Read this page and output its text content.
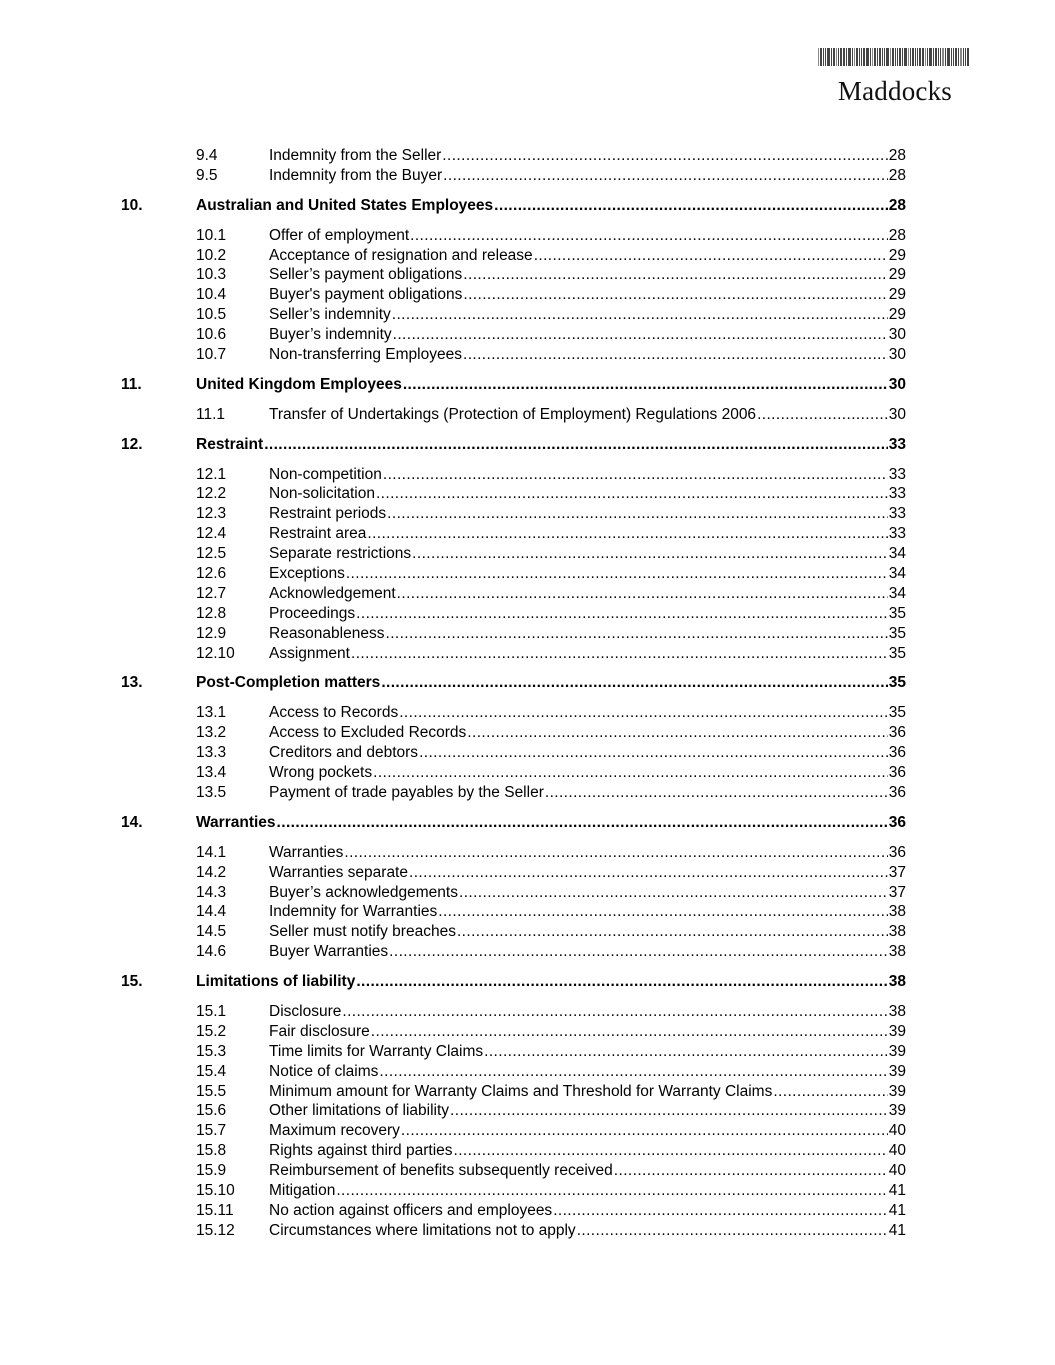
Maddocks
9.4	Indemnity from the Seller .....	28
9.5	Indemnity from the Buyer .....	28
10.	Australian and United States Employees .....	28
10.1	Offer of employment .....	28
10.2	Acceptance of resignation and release .....	29
10.3	Seller’s payment obligations .....	29
10.4	Buyer's payment obligations .....	29
10.5	Seller’s indemnity .....	29
10.6	Buyer’s indemnity .....	30
10.7	Non-transferring Employees .....	30
11.	United Kingdom Employees .....	30
11.1	Transfer of Undertakings (Protection of Employment) Regulations 2006 .....	30
12.	Restraint .....	33
12.1	Non-competition .....	33
12.2	Non-solicitation .....	33
12.3	Restraint periods .....	33
12.4	Restraint area .....	33
12.5	Separate restrictions .....	34
12.6	Exceptions .....	34
12.7	Acknowledgement .....	34
12.8	Proceedings .....	35
12.9	Reasonableness .....	35
12.10	Assignment .....	35
13.	Post-Completion matters .....	35
13.1	Access to Records .....	35
13.2	Access to Excluded Records .....	36
13.3	Creditors and debtors .....	36
13.4	Wrong pockets .....	36
13.5	Payment of trade payables by the Seller .....	36
14.	Warranties .....	36
14.1	Warranties .....	36
14.2	Warranties separate .....	37
14.3	Buyer’s acknowledgements .....	37
14.4	Indemnity for Warranties .....	38
14.5	Seller must notify breaches .....	38
14.6	Buyer Warranties .....	38
15.	Limitations of liability .....	38
15.1	Disclosure .....	38
15.2	Fair disclosure .....	39
15.3	Time limits for Warranty Claims .....	39
15.4	Notice of claims .....	39
15.5	Minimum amount for Warranty Claims and Threshold for Warranty Claims .....	39
15.6	Other limitations of liability .....	39
15.7	Maximum recovery .....	40
15.8	Rights against third parties .....	40
15.9	Reimbursement of benefits subsequently received .....	40
15.10	Mitigation .....	41
15.11	No action against officers and employees .....	41
15.12	Circumstances where limitations not to apply .....	41
